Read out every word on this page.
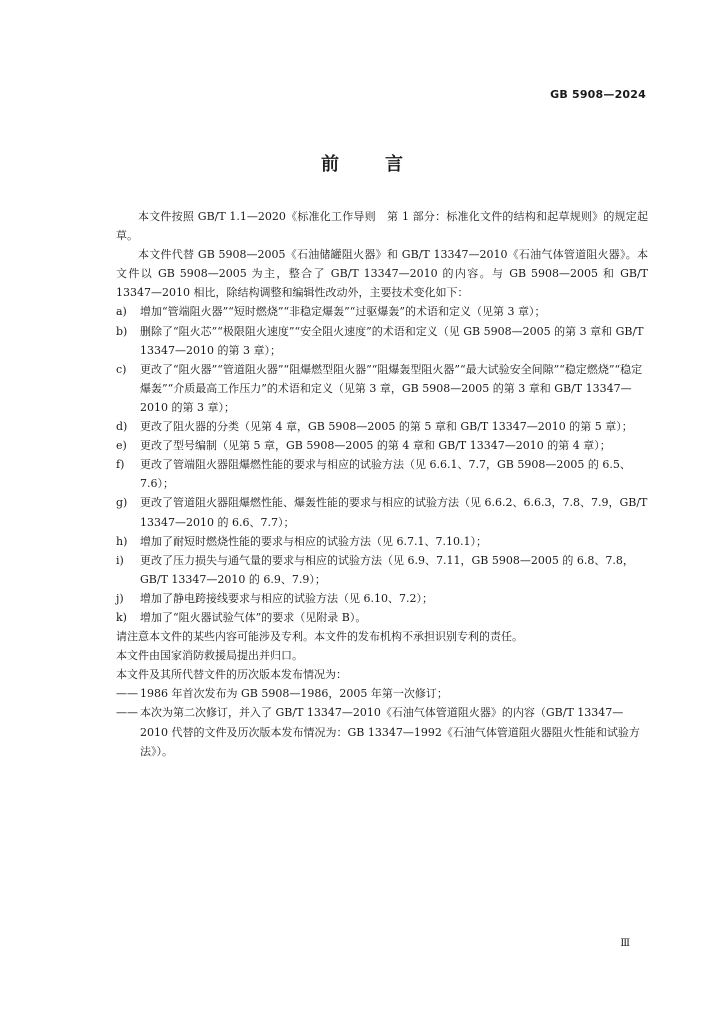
GB 5908—2024
前	言

本文件按照 GB/T 1.1—2020《标准化工作导则　第 1 部分：标准化文件的结构和起草规则》的规定起草。

本文件代替 GB 5908—2005《石油储罐阻火器》和 GB/T 13347—2010《石油气体管道阻火器》。本文件以 GB 5908—2005 为主，整合了 GB/T 13347—2010 的内容。与 GB 5908—2005 和 GB/T 13347—2010 相比，除结构调整和编辑性改动外，主要技术变化如下：

a)	增加“管端阻火器”“短时燃烧”“非稳定爆轰”“过驱爆轰”的术语和定义（见第 3 章）；

b)	删除了“阻火芯”“极限阻火速度”“安全阻火速度”的术语和定义（见 GB 5908—2005 的第 3 章和 GB/T 13347—2010 的第 3 章）；

c)	更改了“阻火器”“管道阻火器”“阻爆燃型阻火器”“阻爆轰型阻火器”“最大试验安全间隙”“稳定燃烧”“稳定爆轰”“介质最高工作压力”的术语和定义（见第 3 章，GB 5908—2005 的第 3 章和 GB/T 13347—2010 的第 3 章）；

d)	更改了阻火器的分类（见第 4 章，GB 5908—2005 的第 5 章和 GB/T 13347—2010 的第 5 章）；

e)	更改了型号编制（见第 5 章，GB 5908—2005 的第 4 章和 GB/T 13347—2010 的第 4 章）；

f)	更改了管端阻火器阻爆燃性能的要求与相应的试验方法（见 6.6.1、7.7，GB 5908—2005 的 6.5、7.6）；

g)	更改了管道阻火器阻爆燃性能、爆轰性能的要求与相应的试验方法（见 6.6.2、6.6.3，7.8、7.9，GB/T 13347—2010 的 6.6、7.7）；

h)	增加了耐短时燃烧性能的要求与相应的试验方法（见 6.7.1、7.10.1）；

i)	更改了压力损失与通气量的要求与相应的试验方法（见 6.9、7.11，GB 5908—2005 的 6.8、7.8，GB/T 13347—2010 的 6.9、7.9）；

j)	增加了静电跨接线要求与相应的试验方法（见 6.10、7.2）；

k)	增加了“阻火器试验气体”的要求（见附录 B）。

请注意本文件的某些内容可能涉及专利。本文件的发布机构不承担识别专利的责任。

本文件由国家消防救援局提出并归口。

本文件及其所代替文件的历次版本发布情况为：

—— 1986 年首次发布为 GB 5908—1986，2005 年第一次修订；

—— 本次为第二次修订，并入了 GB/T 13347—2010《石油气体管道阻火器》的内容（GB/T 13347—2010 代替的文件及历次版本发布情况为：GB 13347—1992《石油气体管道阻火器阻火性能和试验方法》）。

Ⅲ
